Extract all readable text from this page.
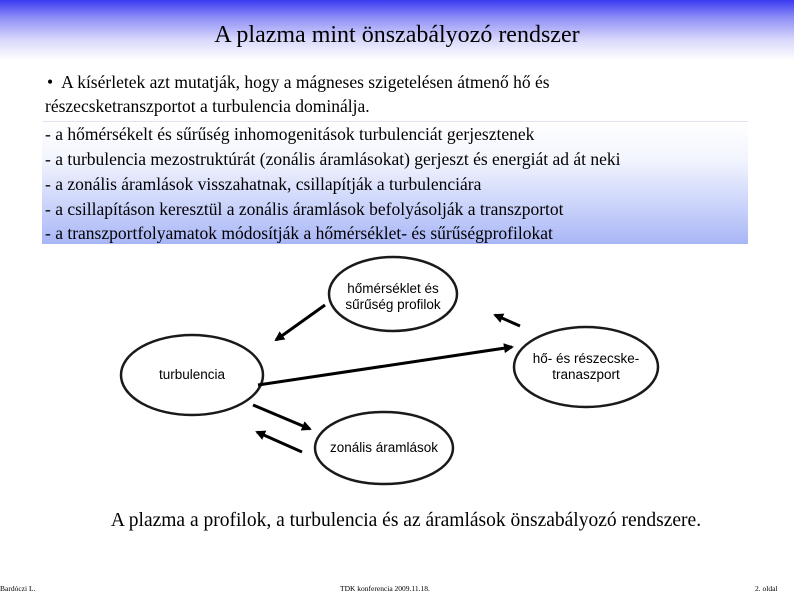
A plazma mint önszabályozó rendszer
• A kísérletek azt mutatják, hogy a mágneses szigetelésen átmenő hő és
részecsketranszportot a turbulencia dominálja.
- a hőmérsékelt és sűrűség inhomogenitások turbulenciát gerjesztenek
- a turbulencia mezostruktúrát (zonális áramlásokat) gerjeszt és energiát ad át neki
- a zonális áramlások visszahatnak, csillapítják a turbulenciára
- a csillapításon keresztül a zonális áramlások befolyásolják a transzportot
- a transzportfolyamatok módosítják a hőmérséklet- és sűrűségprofilokat
hőmérséklet és
sűrűség profilok
turbulencia
hő- és részecske-
tranaszport
zonális áramlások
A plazma a profilok, a turbulencia és az áramlások önszabályozó rendszere.
Bardóczi L.	TDK konferencia 2009.11.18.	2. oldal
